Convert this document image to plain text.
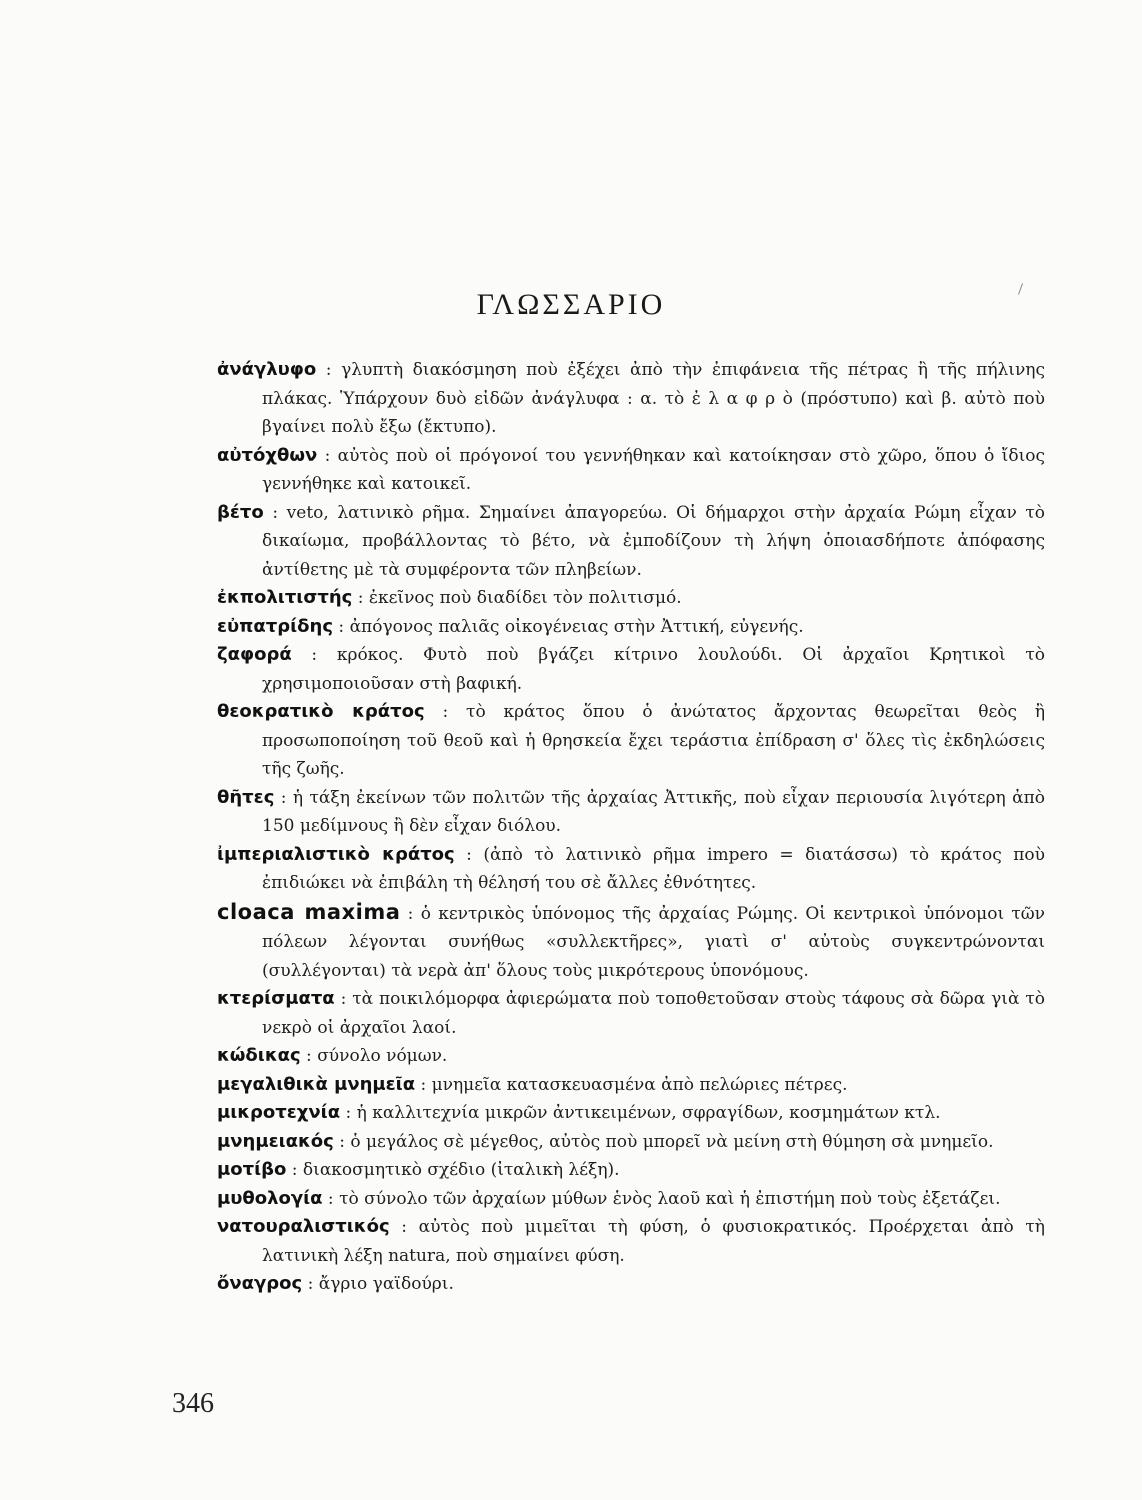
ΓΛΩΣΣΑΡΙΟ

ἀνάγλυφο : γλυπτὴ διακόσμηση ποὺ ἐξέχει ἀπὸ τὴν ἐπιφάνεια τῆς πέτρας ἢ τῆς πήλινης πλάκας. Ὑπάρχουν δυὸ εἰδῶν ἀνάγλυφα : α. τὸ ἐ λ α φ ρ ὸ (πρόστυπο) καὶ β. αὐτὸ ποὺ βγαίνει πολὺ ἔξω (ἔκτυπο).

αὐτόχθων : αὐτὸς ποὺ οἱ πρόγονοί του γεννήθηκαν καὶ κατοίκησαν στὸ χῶρο, ὅπου ὁ ἴδιος γεννήθηκε καὶ κατοικεῖ.

βέτο : veto, λατινικὸ ρῆμα. Σημαίνει ἀπαγορεύω. Οἱ δήμαρχοι στὴν ἀρχαία Ρώμη εἶχαν τὸ δικαίωμα, προβάλλοντας τὸ βέτο, νὰ ἐμποδίζουν τὴ λήψη ὁποιασδήποτε ἀπόφασης ἀντίθετης μὲ τὰ συμφέροντα τῶν πληβείων.

ἐκπολιτιστής : ἐκεῖνος ποὺ διαδίδει τὸν πολιτισμό.

εὐπατρίδης : ἀπόγονος παλιᾶς οἰκογένειας στὴν Ἀττική, εὐγενής.

ζαφορά : κρόκος. Φυτὸ ποὺ βγάζει κίτρινο λουλούδι. Οἱ ἀρχαῖοι Κρητικοὶ τὸ χρησιμοποιοῦσαν στὴ βαφική.

θεοκρατικὸ κράτος : τὸ κράτος ὅπου ὁ ἀνώτατος ἄρχοντας θεωρεῖται θεὸς ἢ προσωποποίηση τοῦ θεοῦ καὶ ἡ θρησκεία ἔχει τεράστια ἐπίδραση σ' ὅλες τὶς ἐκδηλώσεις τῆς ζωῆς.

θῆτες : ἡ τάξη ἐκείνων τῶν πολιτῶν τῆς ἀρχαίας Ἀττικῆς, ποὺ εἶχαν περιουσία λιγότερη ἀπὸ 150 μεδίμνους ἢ δὲν εἶχαν διόλου.

ἰμπεριαλιστικὸ κράτος : (ἀπὸ τὸ λατινικὸ ρῆμα impero = διατάσσω) τὸ κράτος ποὺ ἐπιδιώκει νὰ ἐπιβάλη τὴ θέλησή του σὲ ἄλλες ἐθνότητες.

cloaca maxima : ὁ κεντρικὸς ὑπόνομος τῆς ἀρχαίας Ρώμης. Οἱ κεντρικοὶ ὑπόνομοι τῶν πόλεων λέγονται συνήθως «συλλεκτῆρες», γιατὶ σ' αὐτοὺς συγκεντρώνονται (συλλέγονται) τὰ νερὰ ἀπ' ὅλους τοὺς μικρότερους ὑπονόμους.

κτερίσματα : τὰ ποικιλόμορφα ἀφιερώματα ποὺ τοποθετοῦσαν στοὺς τάφους σὰ δῶρα γιὰ τὸ νεκρὸ οἱ ἀρχαῖοι λαοί.

κώδικας : σύνολο νόμων.

μεγαλιθικὰ μνημεῖα : μνημεῖα κατασκευασμένα ἀπὸ πελώριες πέτρες.

μικροτεχνία : ἡ καλλιτεχνία μικρῶν ἀντικειμένων, σφραγίδων, κοσμημάτων κτλ.

μνημειακός : ὁ μεγάλος σὲ μέγεθος, αὐτὸς ποὺ μπορεῖ νὰ μείνη στὴ θύμηση σὰ μνημεῖο.

μοτίβο : διακοσμητικὸ σχέδιο (ἰταλικὴ λέξη).

μυθολογία : τὸ σύνολο τῶν ἀρχαίων μύθων ἑνὸς λαοῦ καὶ ἡ ἐπιστήμη ποὺ τοὺς ἐξετάζει.

νατουραλιστικός : αὐτὸς ποὺ μιμεῖται τὴ φύση, ὁ φυσιοκρατικός. Προέρχεται ἀπὸ τὴ λατινικὴ λέξη natura, ποὺ σημαίνει φύση.

ὄναγρος : ἄγριο γαϊδούρι.

346
